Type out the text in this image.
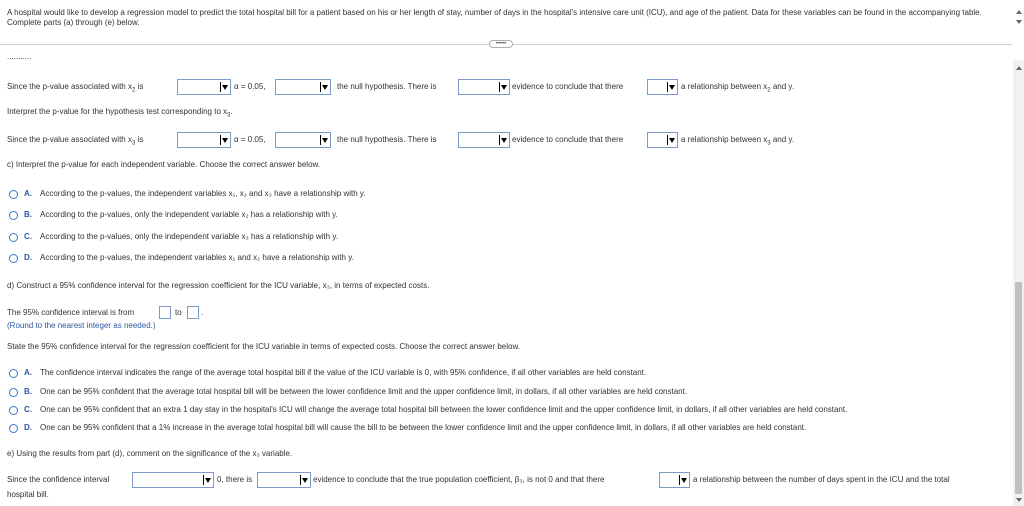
A hospital would like to develop a regression model to predict the total hospital bill for a patient based on his or her length of stay, number of days in the hospital's intensive care unit (ICU), and age of the patient. Data for these variables can be found in the accompanying table. Complete parts (a) through (e) below.
•••••
...........
Since the p-value associated with $x_2$ is	α = 0.05,	the null hypothesis. There is	evidence to conclude that there	a relationship between $x_2$ and y.
Interpret the p-value for the hypothesis test corresponding to $x_3$.
Since the p-value associated with $x_3$ is	α = 0.05,	the null hypothesis. There is	evidence to conclude that there	a relationship between $x_3$ and y.
c) Interpret the p-value for each independent variable. Choose the correct answer below.
A. According to the p-values, the independent variables x₁, x₂ and x₃ have a relationship with y.
B. According to the p-values, only the independent variable x₂ has a relationship with y.
C. According to the p-values, only the independent variable x₃ has a relationship with y.
D. According to the p-values, the independent variables x₁ and x₂ have a relationship with y.
d) Construct a 95% confidence interval for the regression coefficient for the ICU variable, x₃, in terms of expected costs.
The 95% confidence interval is from	to .
(Round to the nearest integer as needed.)
State the 95% confidence interval for the regression coefficient for the ICU variable in terms of expected costs. Choose the correct answer below.
A. The confidence interval indicates the range of the average total hospital bill if the value of the ICU variable is 0, with 95% confidence, if all other variables are held constant.
B. One can be 95% confident that the average total hospital bill will be between the lower confidence limit and the upper confidence limit, in dollars, if all other variables are held constant.
C. One can be 95% confident that an extra 1 day stay in the hospital's ICU will change the average total hospital bill between the lower confidence limit and the upper confidence limit, in dollars, if all other variables are held constant.
D. One can be 95% confident that a 1% increase in the average total hospital bill will cause the bill to be between the lower confidence limit and the upper confidence limit, in dollars, if all other variables are held constant.
e) Using the results from part (d), comment on the significance of the x₃ variable.
Since the confidence interval	0, there is	evidence to conclude that the true population coefficient, β₃, is not 0 and that there	a relationship between the number of days spent in the ICU and the total
hospital bill.
